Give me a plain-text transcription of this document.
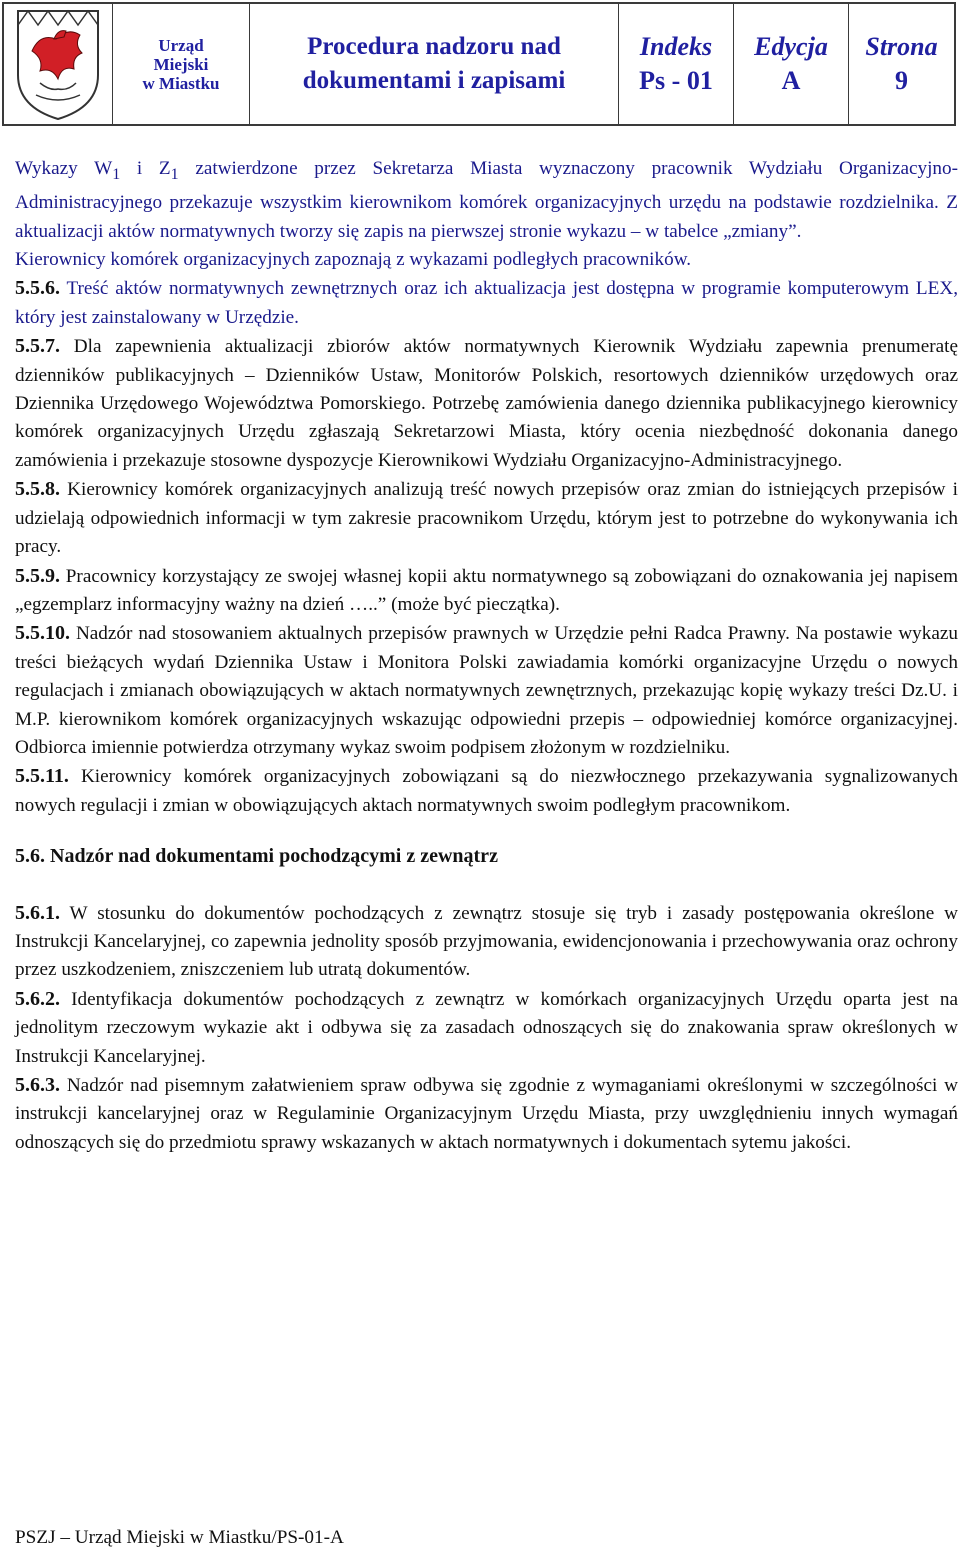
Urząd
Miejski
w Miastku
Procedura nadzoru nad
dokumentami i zapisami
Indeks
Ps - 01
Edycja
A
Strona
9

Wykazy $W_1$ i $Z_1$ zatwierdzone przez Sekretarza Miasta wyznaczony pracownik Wydziału Organizacyjno-Administracyjnego przekazuje wszystkim kierownikom komórek organizacyjnych urzędu na podstawie rozdzielnika. Z aktualizacji aktów normatywnych tworzy się zapis na pierwszej stronie wykazu – w tabelce „zmiany”.

Kierownicy komórek organizacyjnych zapoznają z wykazami podległych pracowników.

5.5.6. Treść aktów normatywnych zewnętrznych oraz ich aktualizacja jest dostępna w programie komputerowym LEX, który jest zainstalowany w Urzędzie.

5.5.7. Dla zapewnienia aktualizacji zbiorów aktów normatywnych Kierownik Wydziału zapewnia prenumeratę dzienników publikacyjnych – Dzienników Ustaw, Monitorów Polskich, resortowych dzienników urzędowych oraz Dziennika Urzędowego Województwa Pomorskiego. Potrzebę zamówienia danego dziennika publikacyjnego kierownicy komórek organizacyjnych Urzędu zgłaszają Sekretarzowi Miasta, który ocenia niezbędność dokonania danego zamówienia i przekazuje stosowne dyspozycje Kierownikowi Wydziału Organizacyjno-Administracyjnego.

5.5.8. Kierownicy komórek organizacyjnych analizują treść nowych przepisów oraz zmian do istniejących przepisów i udzielają odpowiednich informacji w tym zakresie pracownikom Urzędu, którym jest to potrzebne do wykonywania ich pracy.

5.5.9. Pracownicy korzystający ze swojej własnej kopii aktu normatywnego są zobowiązani do oznakowania jej napisem „egzemplarz informacyjny ważny na dzień …..” (może być pieczątka).

5.5.10. Nadzór nad stosowaniem aktualnych przepisów prawnych w Urzędzie pełni Radca Prawny. Na postawie wykazu treści bieżących wydań Dziennika Ustaw i Monitora Polski zawiadamia komórki organizacyjne Urzędu o nowych regulacjach i zmianach obowiązujących w aktach normatywnych zewnętrznych, przekazując kopię wykazy treści Dz.U. i M.P. kierownikom komórek organizacyjnych wskazując odpowiedni przepis – odpowiedniej komórce organizacyjnej. Odbiorca imiennie potwierdza otrzymany wykaz swoim podpisem złożonym w rozdzielniku.

5.5.11. Kierownicy komórek organizacyjnych zobowiązani są do niezwłocznego przekazywania sygnalizowanych nowych regulacji i zmian w obowiązujących aktach normatywnych swoim podległym pracownikom.

5.6. Nadzór nad dokumentami pochodzącymi z zewnątrz

5.6.1. W stosunku do dokumentów pochodzących z zewnątrz stosuje się tryb i zasady postępowania określone w Instrukcji Kancelaryjnej, co zapewnia jednolity sposób przyjmowania, ewidencjonowania i przechowywania oraz ochrony przez uszkodzeniem, zniszczeniem lub utratą dokumentów.

5.6.2. Identyfikacja dokumentów pochodzących z zewnątrz w komórkach organizacyjnych Urzędu oparta jest na jednolitym rzeczowym wykazie akt i odbywa się za zasadach odnoszących się do znakowania spraw określonych w Instrukcji Kancelaryjnej.

5.6.3. Nadzór nad pisemnym załatwieniem spraw odbywa się zgodnie z wymaganiami określonymi w szczególności w instrukcji kancelaryjnej oraz w Regulaminie Organizacyjnym Urzędu Miasta, przy uwzględnieniu innych wymagań odnoszących się do przedmiotu sprawy wskazanych w aktach normatywnych i dokumentach sytemu jakości.

PSZJ – Urząd Miejski w Miastku/PS-01-A
